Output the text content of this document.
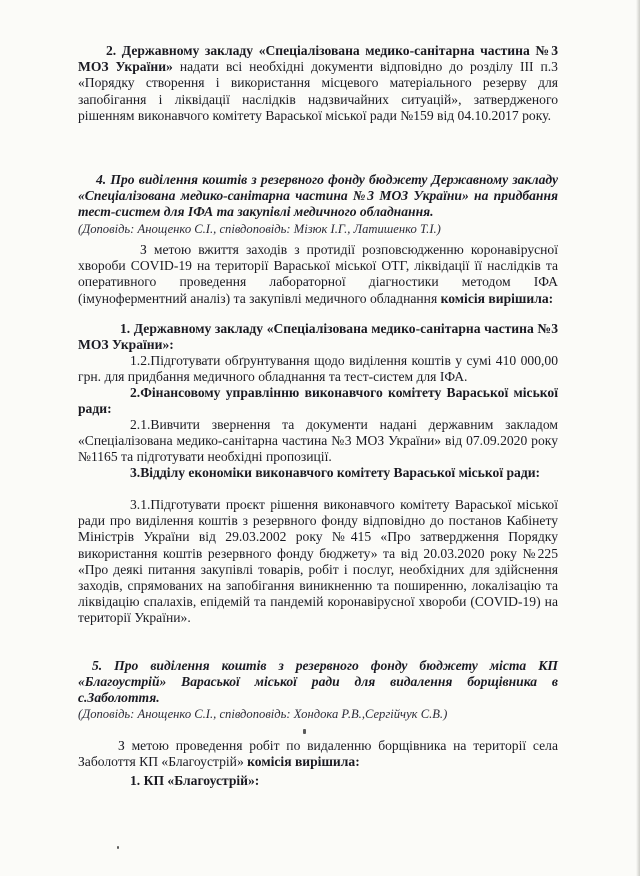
2. Державному закладу «Спеціалізована медико-санітарна частина №3 МОЗ України» надати всі необхідні документи відповідно до розділу III п.3 «Порядку створення і використання місцевого матеріального резерву для запобігання і ліквідації наслідків надзвичайних ситуацій», затвердженого рішенням виконавчого комітету Вараської міської ради №159 від 04.10.2017 року.

4. Про виділення коштів з резервного фонду бюджету Державному закладу «Спеціалізована медико-санітарна частина №3 МОЗ України» на придбання тест-систем для ІФА та закупівлі медичного обладнання.

(Доповідь: Анощенко С.І., співдоповідь: Мізюк І.Г., Латишенко Т.І.)

З метою вжиття заходів з протидії розповсюдженню коронавірусної хвороби COVID-19 на території Вараської міської ОТГ, ліквідації її наслідків та оперативного проведення лабораторної діагностики методом ІФА (імуноферментний аналіз) та закупівлі медичного обладнання комісія вирішила:

1. Державному закладу «Спеціалізована медико-санітарна частина №3 МОЗ України»:

1.2.Підготувати обґрунтування щодо виділення коштів у сумі 410 000,00 грн. для придбання медичного обладнання та тест-систем для ІФА.

2.Фінансовому управлінню виконавчого комітету Вараської міської ради:

2.1.Вивчити звернення та документи надані державним закладом «Спеціалізована медико-санітарна частина №3 МОЗ України» від 07.09.2020 року №1165 та підготувати необхідні пропозиції.

3.Відділу економіки виконавчого комітету Вараської міської ради:

3.1.Підготувати проєкт рішення виконавчого комітету Вараської міської ради про виділення коштів з резервного фонду відповідно до постанов Кабінету Міністрів України від 29.03.2002 року №415 «Про затвердження Порядку використання коштів резервного фонду бюджету» та від 20.03.2020 року №225 «Про деякі питання закупівлі товарів, робіт і послуг, необхідних для здійснення заходів, спрямованих на запобігання виникненню та поширенню, локалізацію та ліквідацію спалахів, епідемій та пандемій коронавірусної хвороби (COVID-19) на території України».

5. Про виділення коштів з резервного фонду бюджету міста КП «Благоустрій» Вараської міської ради для видалення борщівника в с.Заболоття.

(Доповідь: Анощенко С.І., співдоповідь: Хондока Р.В.,Сергійчук С.В.)

З метою проведення робіт по видаленню борщівника на території села Заболоття КП «Благоустрій» комісія вирішила:

1. КП «Благоустрій»:
